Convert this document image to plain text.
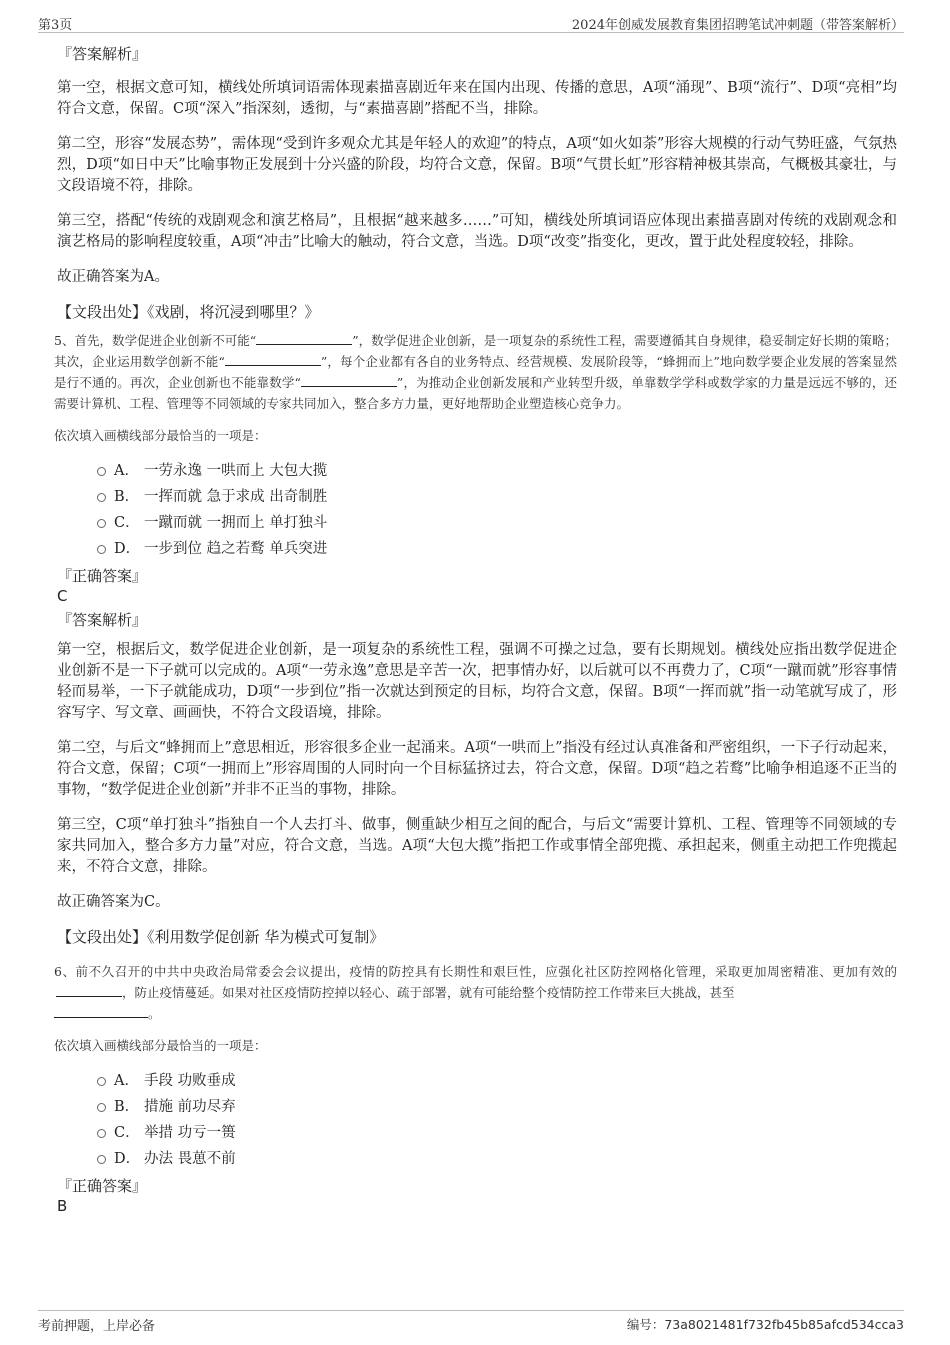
第3页	2024年创威发展教育集团招聘笔试冲刺题（带答案解析）
『答案解析』

第一空，根据文意可知，横线处所填词语需体现素描喜剧近年来在国内出现、传播的意思，A项“涌现”、B项“流行”、D项“亮相”均符合文意，保留。C项“深入”指深刻，透彻，与“素描喜剧”搭配不当，排除。

第二空，形容“发展态势”，需体现“受到许多观众尤其是年轻人的欢迎”的特点，A项“如火如荼”形容大规模的行动气势旺盛，气氛热烈，D项“如日中天”比喻事物正发展到十分兴盛的阶段，均符合文意，保留。B项“气贯长虹”形容精神极其崇高，气概极其豪壮，与文段语境不符，排除。

第三空，搭配“传统的戏剧观念和演艺格局”，且根据“越来越多……”可知，横线处所填词语应体现出素描喜剧对传统的戏剧观念和演艺格局的影响程度较重，A项“冲击”比喻大的触动，符合文意，当选。D项“改变”指变化，更改，置于此处程度较轻，排除。

故正确答案为A。

【文段出处】《戏剧，将沉浸到哪里？》

5、首先，数学促进企业创新不可能“	”，数学促进企业创新，是一项复杂的系统性工程，需要遵循其自身规律，稳妥制定好长期的策略；其次，企业运用数学创新不能“	”，每个企业都有各自的业务特点、经营规模、发展阶段等，“蜂拥而上”地向数学要企业发展的答案显然是行不通的。再次，企业创新也不能靠数学“	”，为推动企业创新发展和产业转型升级，单靠数学学科或数学家的力量是远远不够的，还需要计算机、工程、管理等不同领域的专家共同加入，整合多方力量，更好地帮助企业塑造核心竞争力。

依次填入画横线部分最恰当的一项是：
A． 一劳永逸 一哄而上 大包大揽
B． 一挥而就 急于求成 出奇制胜
C． 一蹴而就 一拥而上 单打独斗
D． 一步到位 趋之若鹜 单兵突进
『正确答案』
C
『答案解析』

第一空，根据后文，数学促进企业创新，是一项复杂的系统性工程，强调不可操之过急，要有长期规划。横线处应指出数学促进企业创新不是一下子就可以完成的。A项“一劳永逸”意思是辛苦一次，把事情办好，以后就可以不再费力了，C项“一蹴而就”形容事情轻而易举，一下子就能成功，D项“一步到位”指一次就达到预定的目标，均符合文意，保留。B项“一挥而就”指一动笔就写成了，形容写字、写文章、画画快，不符合文段语境，排除。

第二空，与后文“蜂拥而上”意思相近，形容很多企业一起涌来。A项“一哄而上”指没有经过认真准备和严密组织，一下子行动起来，符合文意，保留；C项“一拥而上”形容周围的人同时向一个目标猛挤过去，符合文意，保留。D项“趋之若鹜”比喻争相追逐不正当的事物，“数学促进企业创新”并非不正当的事物，排除。

第三空，C项“单打独斗”指独自一个人去打斗、做事，侧重缺少相互之间的配合，与后文“需要计算机、工程、管理等不同领域的专家共同加入，整合多方力量”对应，符合文意，当选。A项“大包大揽”指把工作或事情全部兜揽、承担起来，侧重主动把工作兜揽起来，不符合文意，排除。

故正确答案为C。

【文段出处】《利用数学促创新 华为模式可复制》

6、前不久召开的中共中央政治局常委会会议提出，疫情的防控具有长期性和艰巨性，应强化社区防控网格化管理，采取更加周密精准、更加有效的，防止疫情蔓延。如果对社区疫情防控掉以轻心、疏于部署，就有可能给整个疫情防控工作带来巨大挑战，甚至
。

依次填入画横线部分最恰当的一项是：
A． 手段 功败垂成
B． 措施 前功尽弃
C． 举措 功亏一篑
D． 办法 畏葸不前
『正确答案』
B
考前押题，上岸必备	编号：73a8021481f732fb45b85afcd534cca3
